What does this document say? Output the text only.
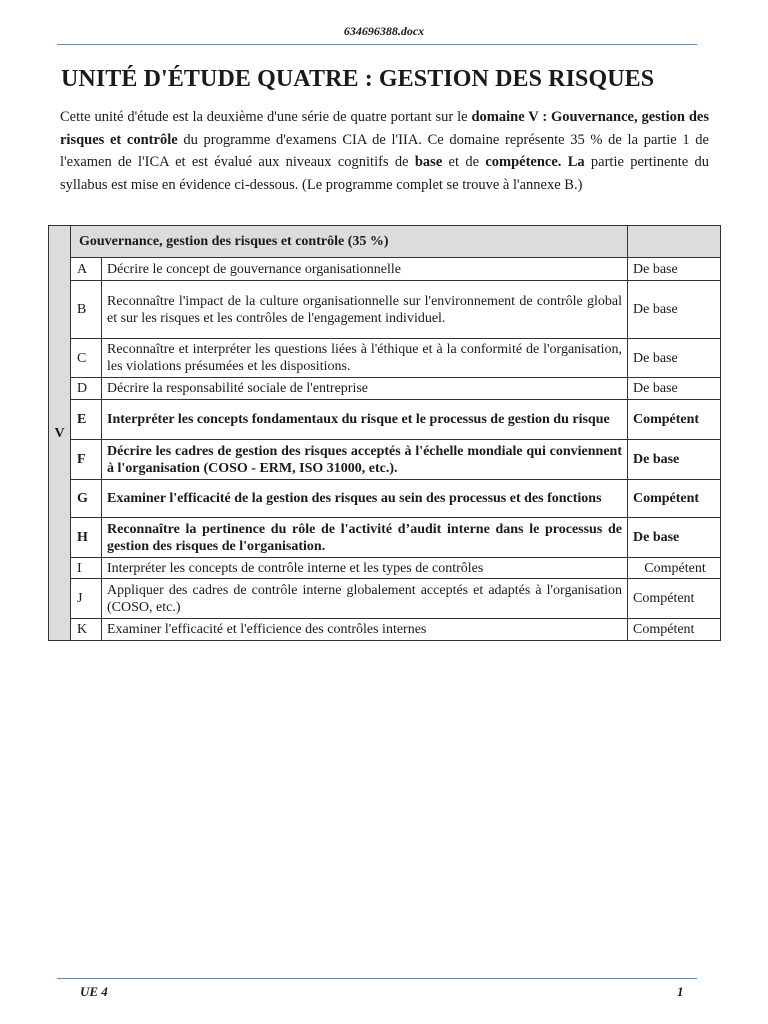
634696388.docx
UNITÉ D'ÉTUDE QUATRE : GESTION DES RISQUES

Cette unité d'étude est la deuxième d'une série de quatre portant sur le domaine V : Gouvernance, gestion des risques et contrôle du programme d'examens CIA de l'IIA. Ce domaine représente 35 % de la partie 1 de l'examen de l'ICA et est évalué aux niveaux cognitifs de base et de compétence. La partie pertinente du syllabus est mise en évidence ci-dessous. (Le programme complet se trouve à l'annexe B.)

V	Gouvernance, gestion des risques et contrôle (35 %)		
	A	Décrire le concept de gouvernance organisationnelle	De base
	B	Reconnaître l'impact de la culture organisationnelle sur l'environnement de contrôle global et sur les risques et les contrôles de l'engagement individuel.	De base
	C	Reconnaître et interpréter les questions liées à l'éthique et à la conformité de l'organisation, les violations présumées et les dispositions.	De base
	D	Décrire la responsabilité sociale de l'entreprise	De base
	E	Interpréter les concepts fondamentaux du risque et le processus de gestion du risque	Compétent
	F	Décrire les cadres de gestion des risques acceptés à l'échelle mondiale qui conviennent à l'organisation (COSO - ERM, ISO 31000, etc.).	De base
	G	Examiner l'efficacité de la gestion des risques au sein des processus et des fonctions	Compétent
	H	Reconnaître la pertinence du rôle de l'activité d’audit interne dans le processus de gestion des risques de l'organisation.	De base
	I	Interpréter les concepts de contrôle interne et les types de contrôles	Compétent
	J	Appliquer des cadres de contrôle interne globalement acceptés et adaptés à l'organisation (COSO, etc.)	Compétent
	K	Examiner l'efficacité et l'efficience des contrôles internes	Compétent
UE 4	1
